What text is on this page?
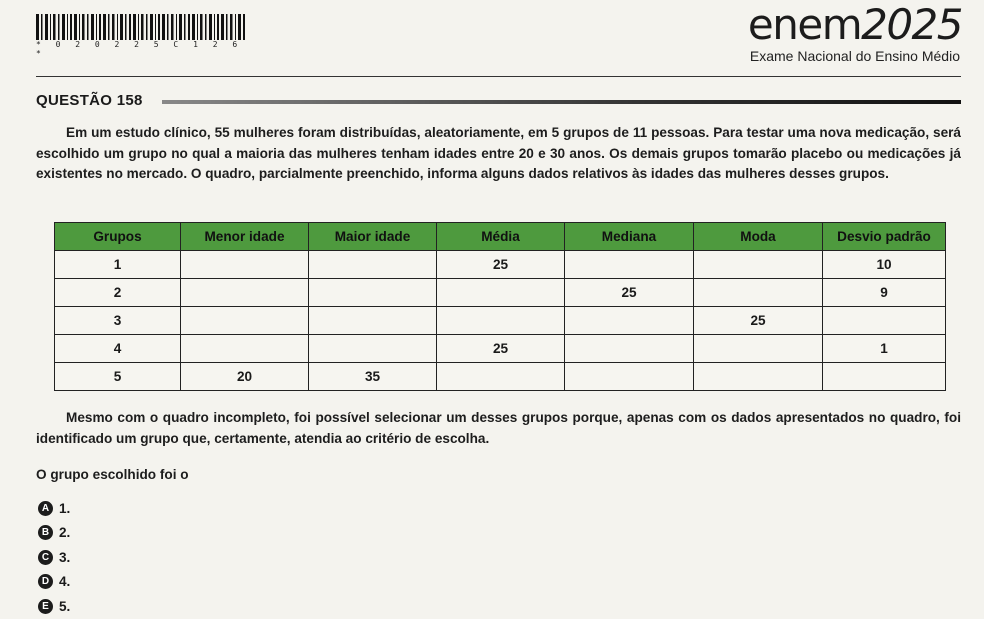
* 0 2 0 2 2 5 C 1 2 6 *
enem2025
Exame Nacional do Ensino Médio
QUESTÃO 158
Em um estudo clínico, 55 mulheres foram distribuídas, aleatoriamente, em 5 grupos de 11 pessoas. Para testar uma nova medicação, será escolhido um grupo no qual a maioria das mulheres tenham idades entre 20 e 30 anos. Os demais grupos tomarão placebo ou medicações já existentes no mercado. O quadro, parcialmente preenchido, informa alguns dados relativos às idades das mulheres desses grupos.
Grupos	Menor idade	Maior idade	Média	Mediana	Moda	Desvio padrão
1			25			10
2				25		9
3					25	
4			25			1
5	20	35				
Mesmo com o quadro incompleto, foi possível selecionar um desses grupos porque, apenas com os dados apresentados no quadro, foi identificado um grupo que, certamente, atendia ao critério de escolha.
O grupo escolhido foi o
A 1.
B 2.
C 3.
D 4.
E 5.
